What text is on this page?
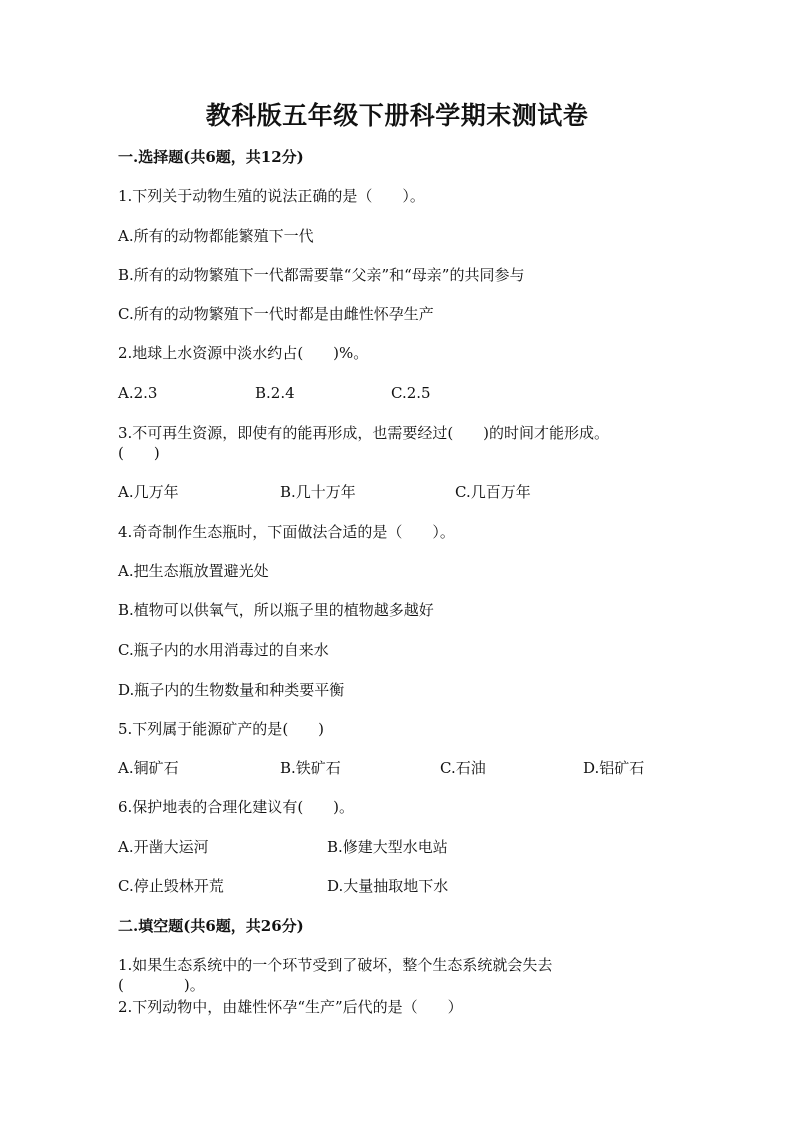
教科版五年级下册科学期末测试卷
一.选择题(共6题，共12分)
1.下列关于动物生殖的说法正确的是（　　）。
A.所有的动物都能繁殖下一代
B.所有的动物繁殖下一代都需要靠“父亲”和“母亲”的共同参与
C.所有的动物繁殖下一代时都是由雌性怀孕生产
2.地球上水资源中淡水约占(　　)%。
A.2.3	B.2.4	C.2.5
3.不可再生资源，即使有的能再形成，也需要经过(　　)的时间才能形成。
(　　)
A.几万年	B.几十万年	C.几百万年
4.奇奇制作生态瓶时，下面做法合适的是（　　）。
A.把生态瓶放置避光处
B.植物可以供氧气，所以瓶子里的植物越多越好
C.瓶子内的水用消毒过的自来水
D.瓶子内的生物数量和种类要平衡
5.下列属于能源矿产的是(　　)
A.铜矿石	B.铁矿石	C.石油	D.铝矿石
6.保护地表的合理化建议有(　　)。
A.开凿大运河	B.修建大型水电站
C.停止毁林开荒	D.大量抽取地下水
二.填空题(共6题，共26分)
1.如果生态系统中的一个环节受到了破坏，整个生态系统就会失去
(　　　　)。
2.下列动物中，由雄性怀孕“生产”后代的是（　　）
